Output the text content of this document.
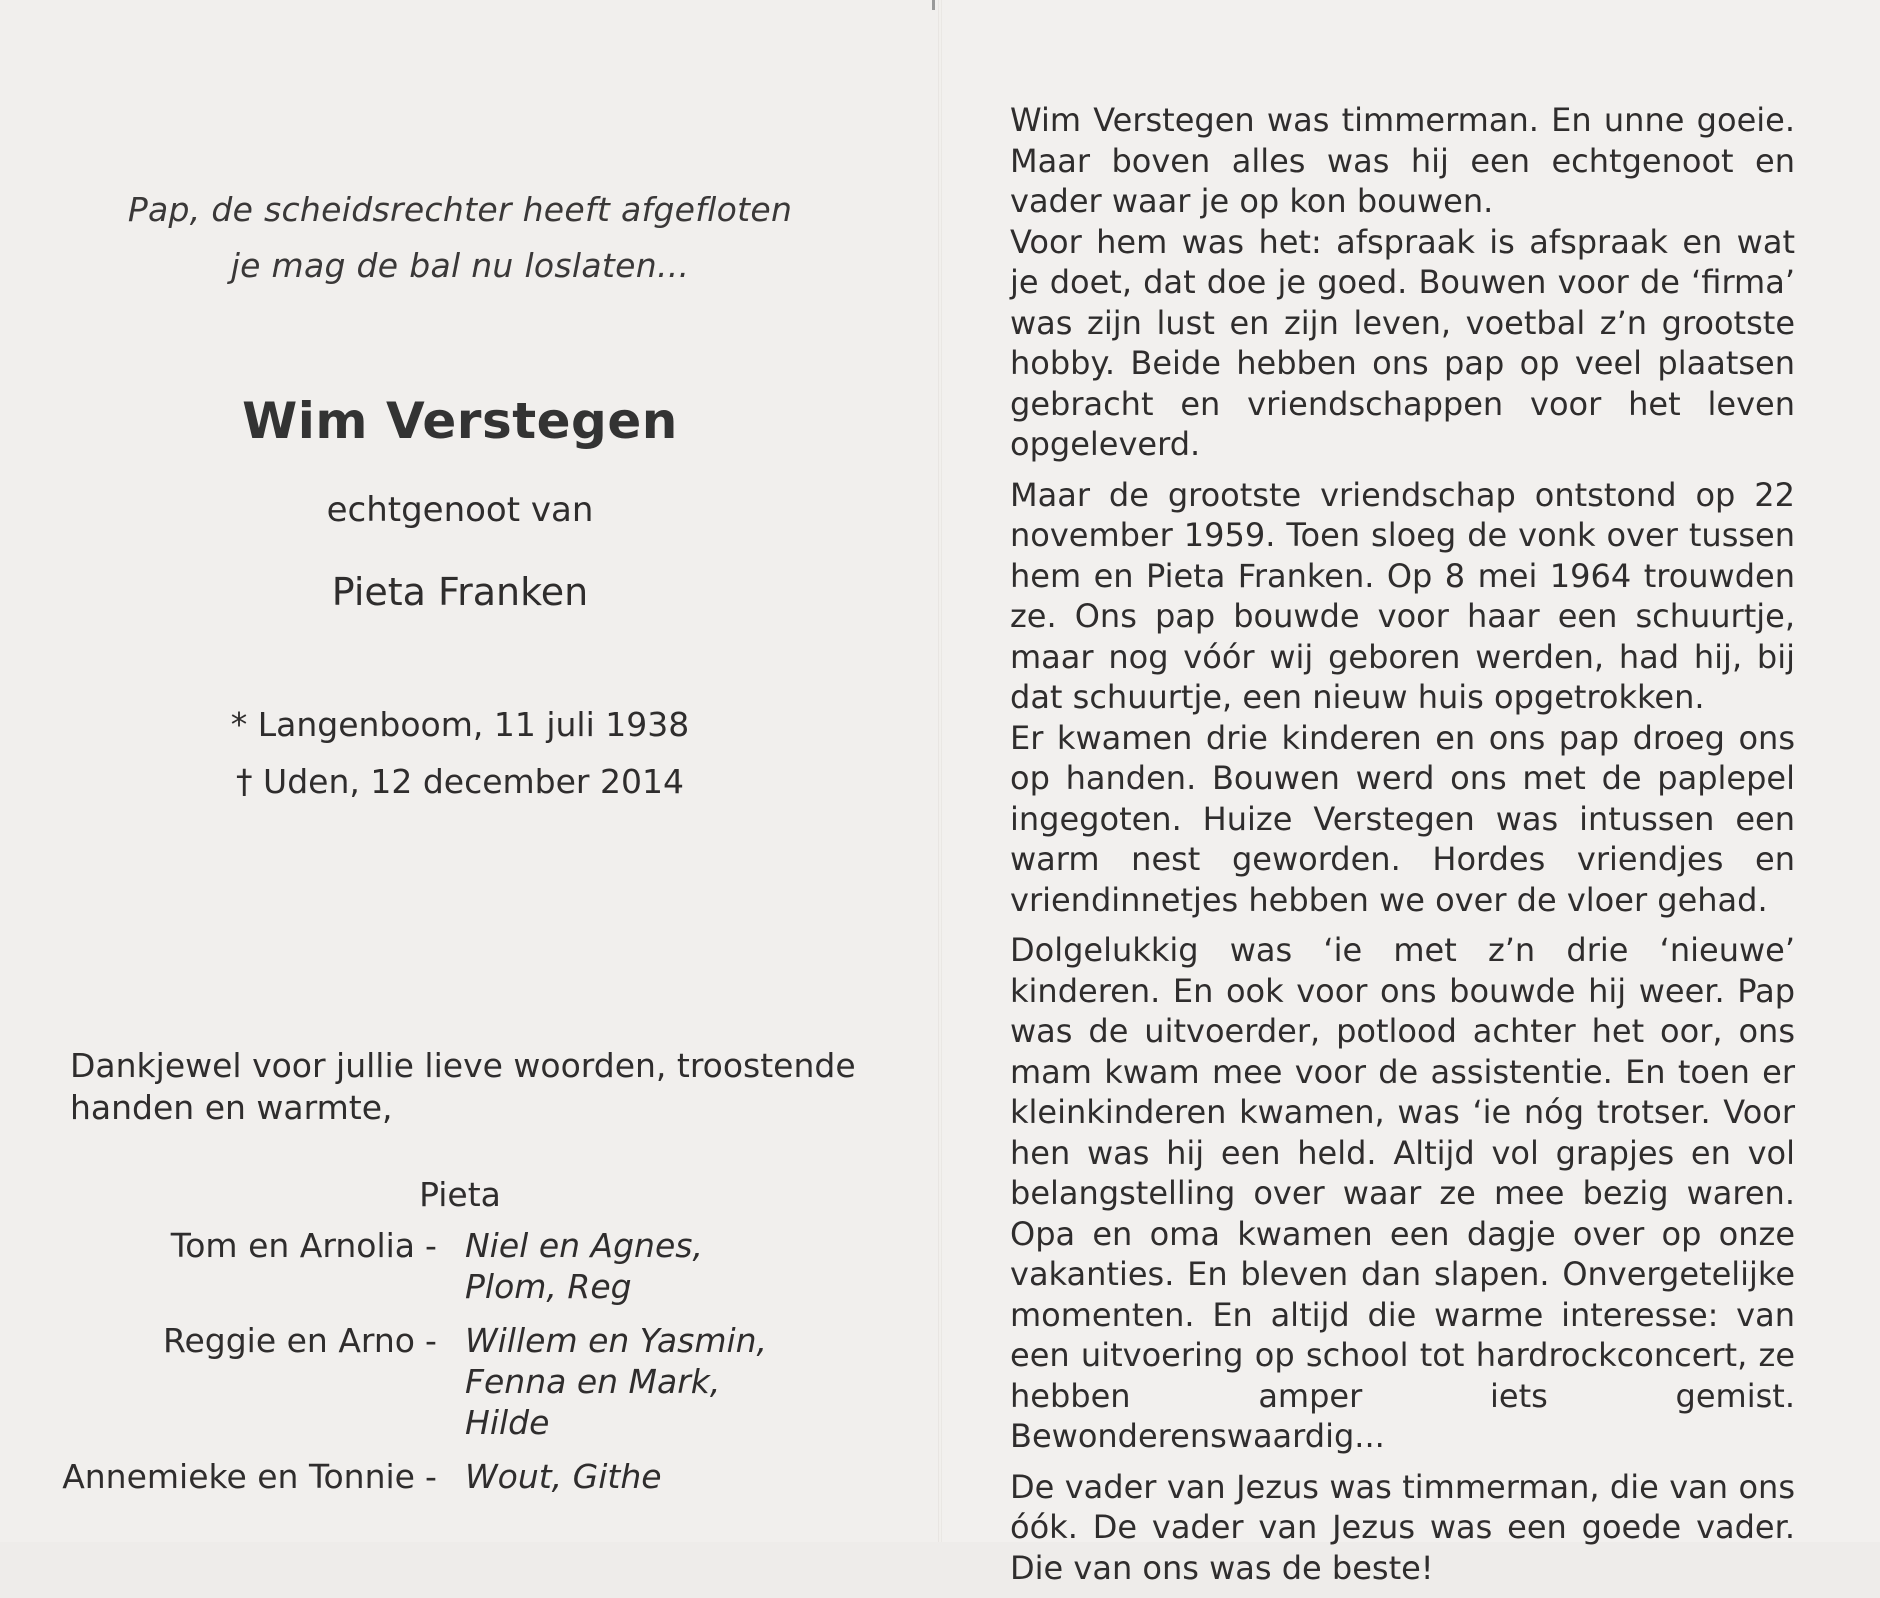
Pap, de scheidsrechter heeft afgefloten
je mag de bal nu loslaten...
Wim Verstegen
echtgenoot van
Pieta Franken
* Langenboom, 11 juli 1938
† Uden, 12 december 2014
Dankjewel voor jullie lieve woorden, troostende
handen en warmte,
Pieta
Tom en Arnolia - Niel en Agnes,
Plom, Reg
Reggie en Arno - Willem en Yasmin,
Fenna en Mark,
Hilde
Annemieke en Tonnie - Wout, Githe

Wim Verstegen was timmerman. En unne goeie. Maar boven alles was hij een echtgenoot en vader waar je op kon bouwen.

Voor hem was het: afspraak is afspraak en wat je doet, dat doe je goed. Bouwen voor de ‘firma’ was zijn lust en zijn leven, voetbal z’n grootste hobby. Beide hebben ons pap op veel plaatsen gebracht en vriendschappen voor het leven opgeleverd.

Maar de grootste vriendschap ontstond op 22 november 1959. Toen sloeg de vonk over tussen hem en Pieta Franken. Op 8 mei 1964 trouwden ze. Ons pap bouwde voor haar een schuurtje, maar nog vóór wij geboren werden, had hij, bij dat schuurtje, een nieuw huis opgetrokken.

Er kwamen drie kinderen en ons pap droeg ons op handen. Bouwen werd ons met de paplepel ingegoten. Huize Verstegen was intussen een warm nest geworden. Hordes vriendjes en vriendinnetjes hebben we over de vloer gehad.

Dolgelukkig was ‘ie met z’n drie ‘nieuwe’ kinderen. En ook voor ons bouwde hij weer. Pap was de uitvoerder, potlood achter het oor, ons mam kwam mee voor de assistentie. En toen er kleinkinderen kwamen, was ‘ie nóg trotser. Voor hen was hij een held. Altijd vol grapjes en vol belangstelling over waar ze mee bezig waren. Opa en oma kwamen een dagje over op onze vakanties. En bleven dan slapen. Onvergetelijke momenten. En altijd die warme interesse: van een uitvoering op school tot hardrockconcert, ze hebben amper iets gemist. Bewonderenswaardig...

De vader van Jezus was timmerman, die van ons óók. De vader van Jezus was een goede vader. Die van ons was de beste!
